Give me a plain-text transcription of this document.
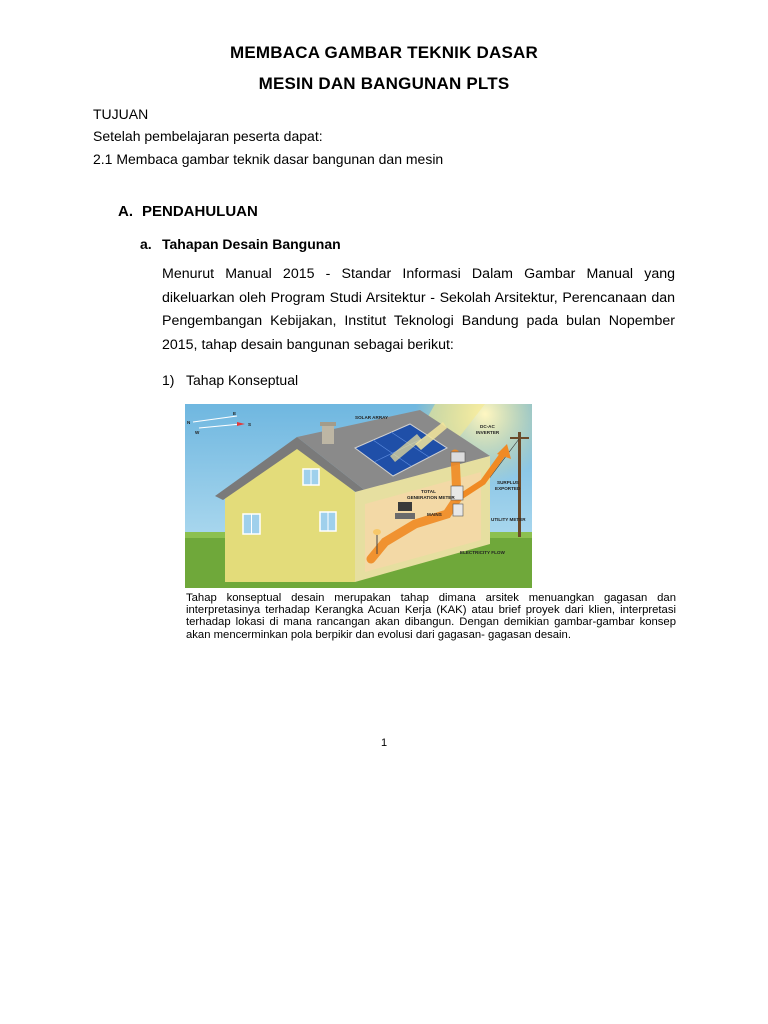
MEMBACA GAMBAR TEKNIK DASAR
MESIN DAN BANGUNAN PLTS
TUJUAN
Setelah pembelajaran peserta dapat:
2.1 Membaca gambar teknik dasar bangunan dan mesin
A. PENDAHULUAN
a. Tahapan Desain Bangunan

Menurut Manual 2015 - Standar Informasi Dalam Gambar Manual yang dikeluarkan oleh Program Studi Arsitektur - Sekolah Arsitektur, Perencanaan dan Pengembangan Kebijakan, Institut Teknologi Bandung pada bulan Nopember 2015, tahap desain bangunan sebagai berikut:

1) Tahap Konseptual
N
E
S
W
SOLAR ARRAY
DC-AC
INVERTER
SURPLUS
EXPORTED
TOTAL
GENERATION METER
MAINS
UTILITY METER
ELECTRICITY FLOW

Tahap konseptual desain merupakan tahap dimana arsitek menuangkan gagasan dan interpretasinya terhadap Kerangka Acuan Kerja (KAK) atau brief proyek dari klien, interpretasi terhadap lokasi di mana rancangan akan dibangun. Dengan demikian gambar-gambar konsep akan mencerminkan pola berpikir dan evolusi dari gagasan- gagasan desain.

1
